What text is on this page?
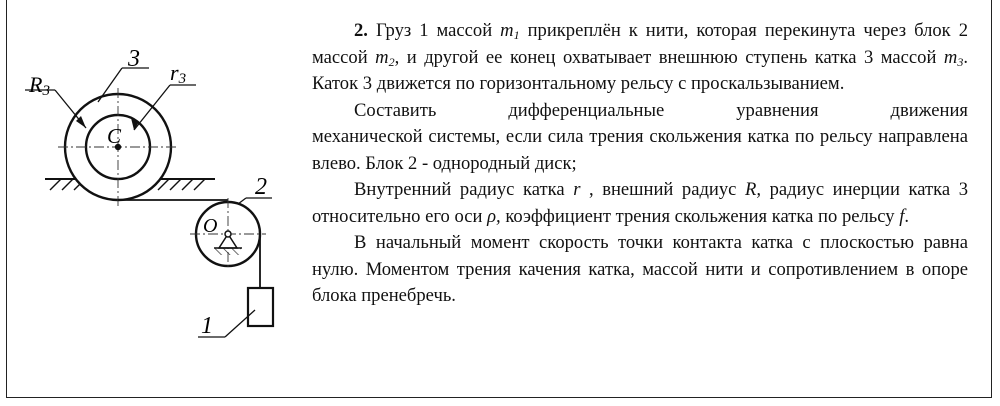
R3
3
r3
C
O
2
1

2. Груз 1 массой $m_1$ прикреплён к нити, которая перекинута через блок 2 массой $m_2$, и другой ее конец охватывает внешнюю ступень катка 3 массой $m_3$. Каток 3 движется по горизонтальному рельсу с проскальзыванием.

Составить дифференциальные уравнения движения

механической системы, если сила трения скольжения катка по рельсу направлена влево. Блок 2 - однородный диск;

Внутренний радиус катка r , внешний радиус R, радиус инерции катка 3 относительно его оси ρ, коэффициент трения скольжения катка по рельсу f.

В начальный момент скорость точки контакта катка с плоскостью равна нулю. Моментом трения качения катка, массой нити и сопротивлением в опоре блока пренебречь.
